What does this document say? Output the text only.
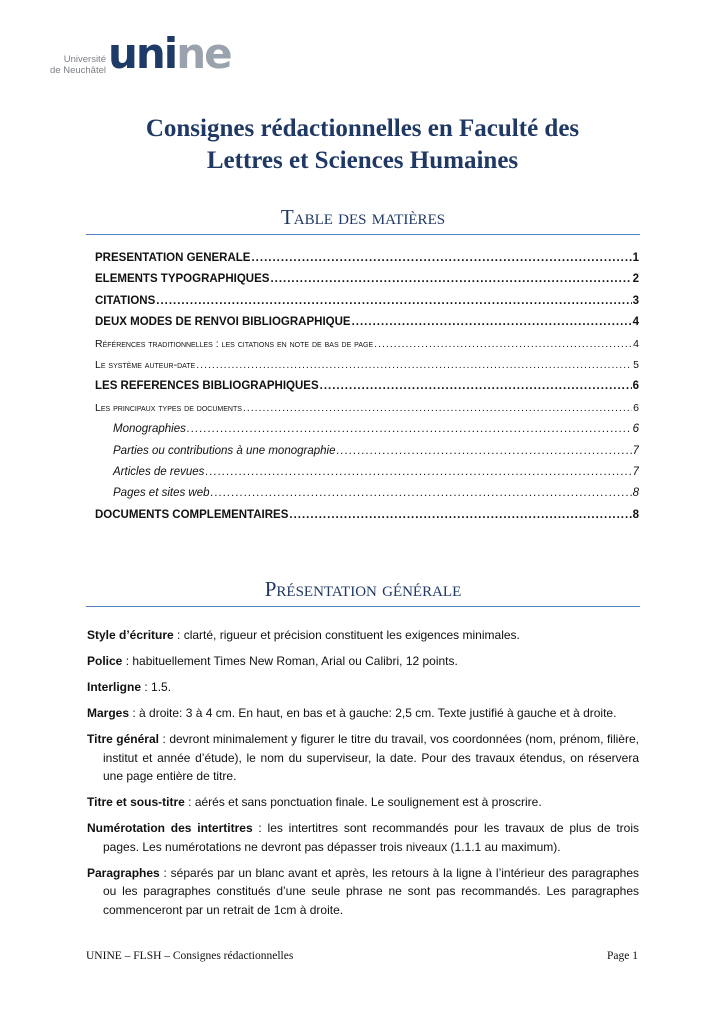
Université
de Neuchâtel unine
Consignes rédactionnelles en Faculté des
Lettres et Sciences Humaines
Table des matières
PRÉSENTATION GÉNÉRALE .....	1
ELÉMENTS TYPOGRAPHIQUES .....	2
CITATIONS .....	3
DEUX MODES DE RENVOI BIBLIOGRAPHIQUE .....	4
Références traditionnelles : les citations en note de bas de page .....	4
Le système auteur-date .....	5
LES RÉFÉRENCES BIBLIOGRAPHIQUES .....	6
Les principaux types de documents .....	6
Monographies .....	6
Parties ou contributions à une monographie .....	7
Articles de revues .....	7
Pages et sites web .....	8
DOCUMENTS COMPLÉMENTAIRES .....	8
Présentation générale

Style d’écriture : clarté, rigueur et précision constituent les exigences minimales.

Police : habituellement Times New Roman, Arial ou Calibri, 12 points.

Interligne : 1.5.

Marges : à droite: 3 à 4 cm. En haut, en bas et à gauche: 2,5 cm. Texte justifié à gauche et à droite.

Titre général : devront minimalement y figurer le titre du travail, vos coordonnées (nom, prénom, filière, institut et année d’étude), le nom du superviseur, la date. Pour des travaux étendus, on réservera une page entière de titre.

Titre et sous-titre : aérés et sans ponctuation finale. Le soulignement est à proscrire.

Numérotation des intertitres : les intertitres sont recommandés pour les travaux de plus de trois pages. Les numérotations ne devront pas dépasser trois niveaux (1.1.1 au maximum).

Paragraphes : séparés par un blanc avant et après, les retours à la ligne à l’intérieur des paragraphes ou les paragraphes constitués d’une seule phrase ne sont pas recommandés. Les paragraphes commenceront par un retrait de 1cm à droite.

UNINE – FLSH – Consignes rédactionnelles	Page 1
